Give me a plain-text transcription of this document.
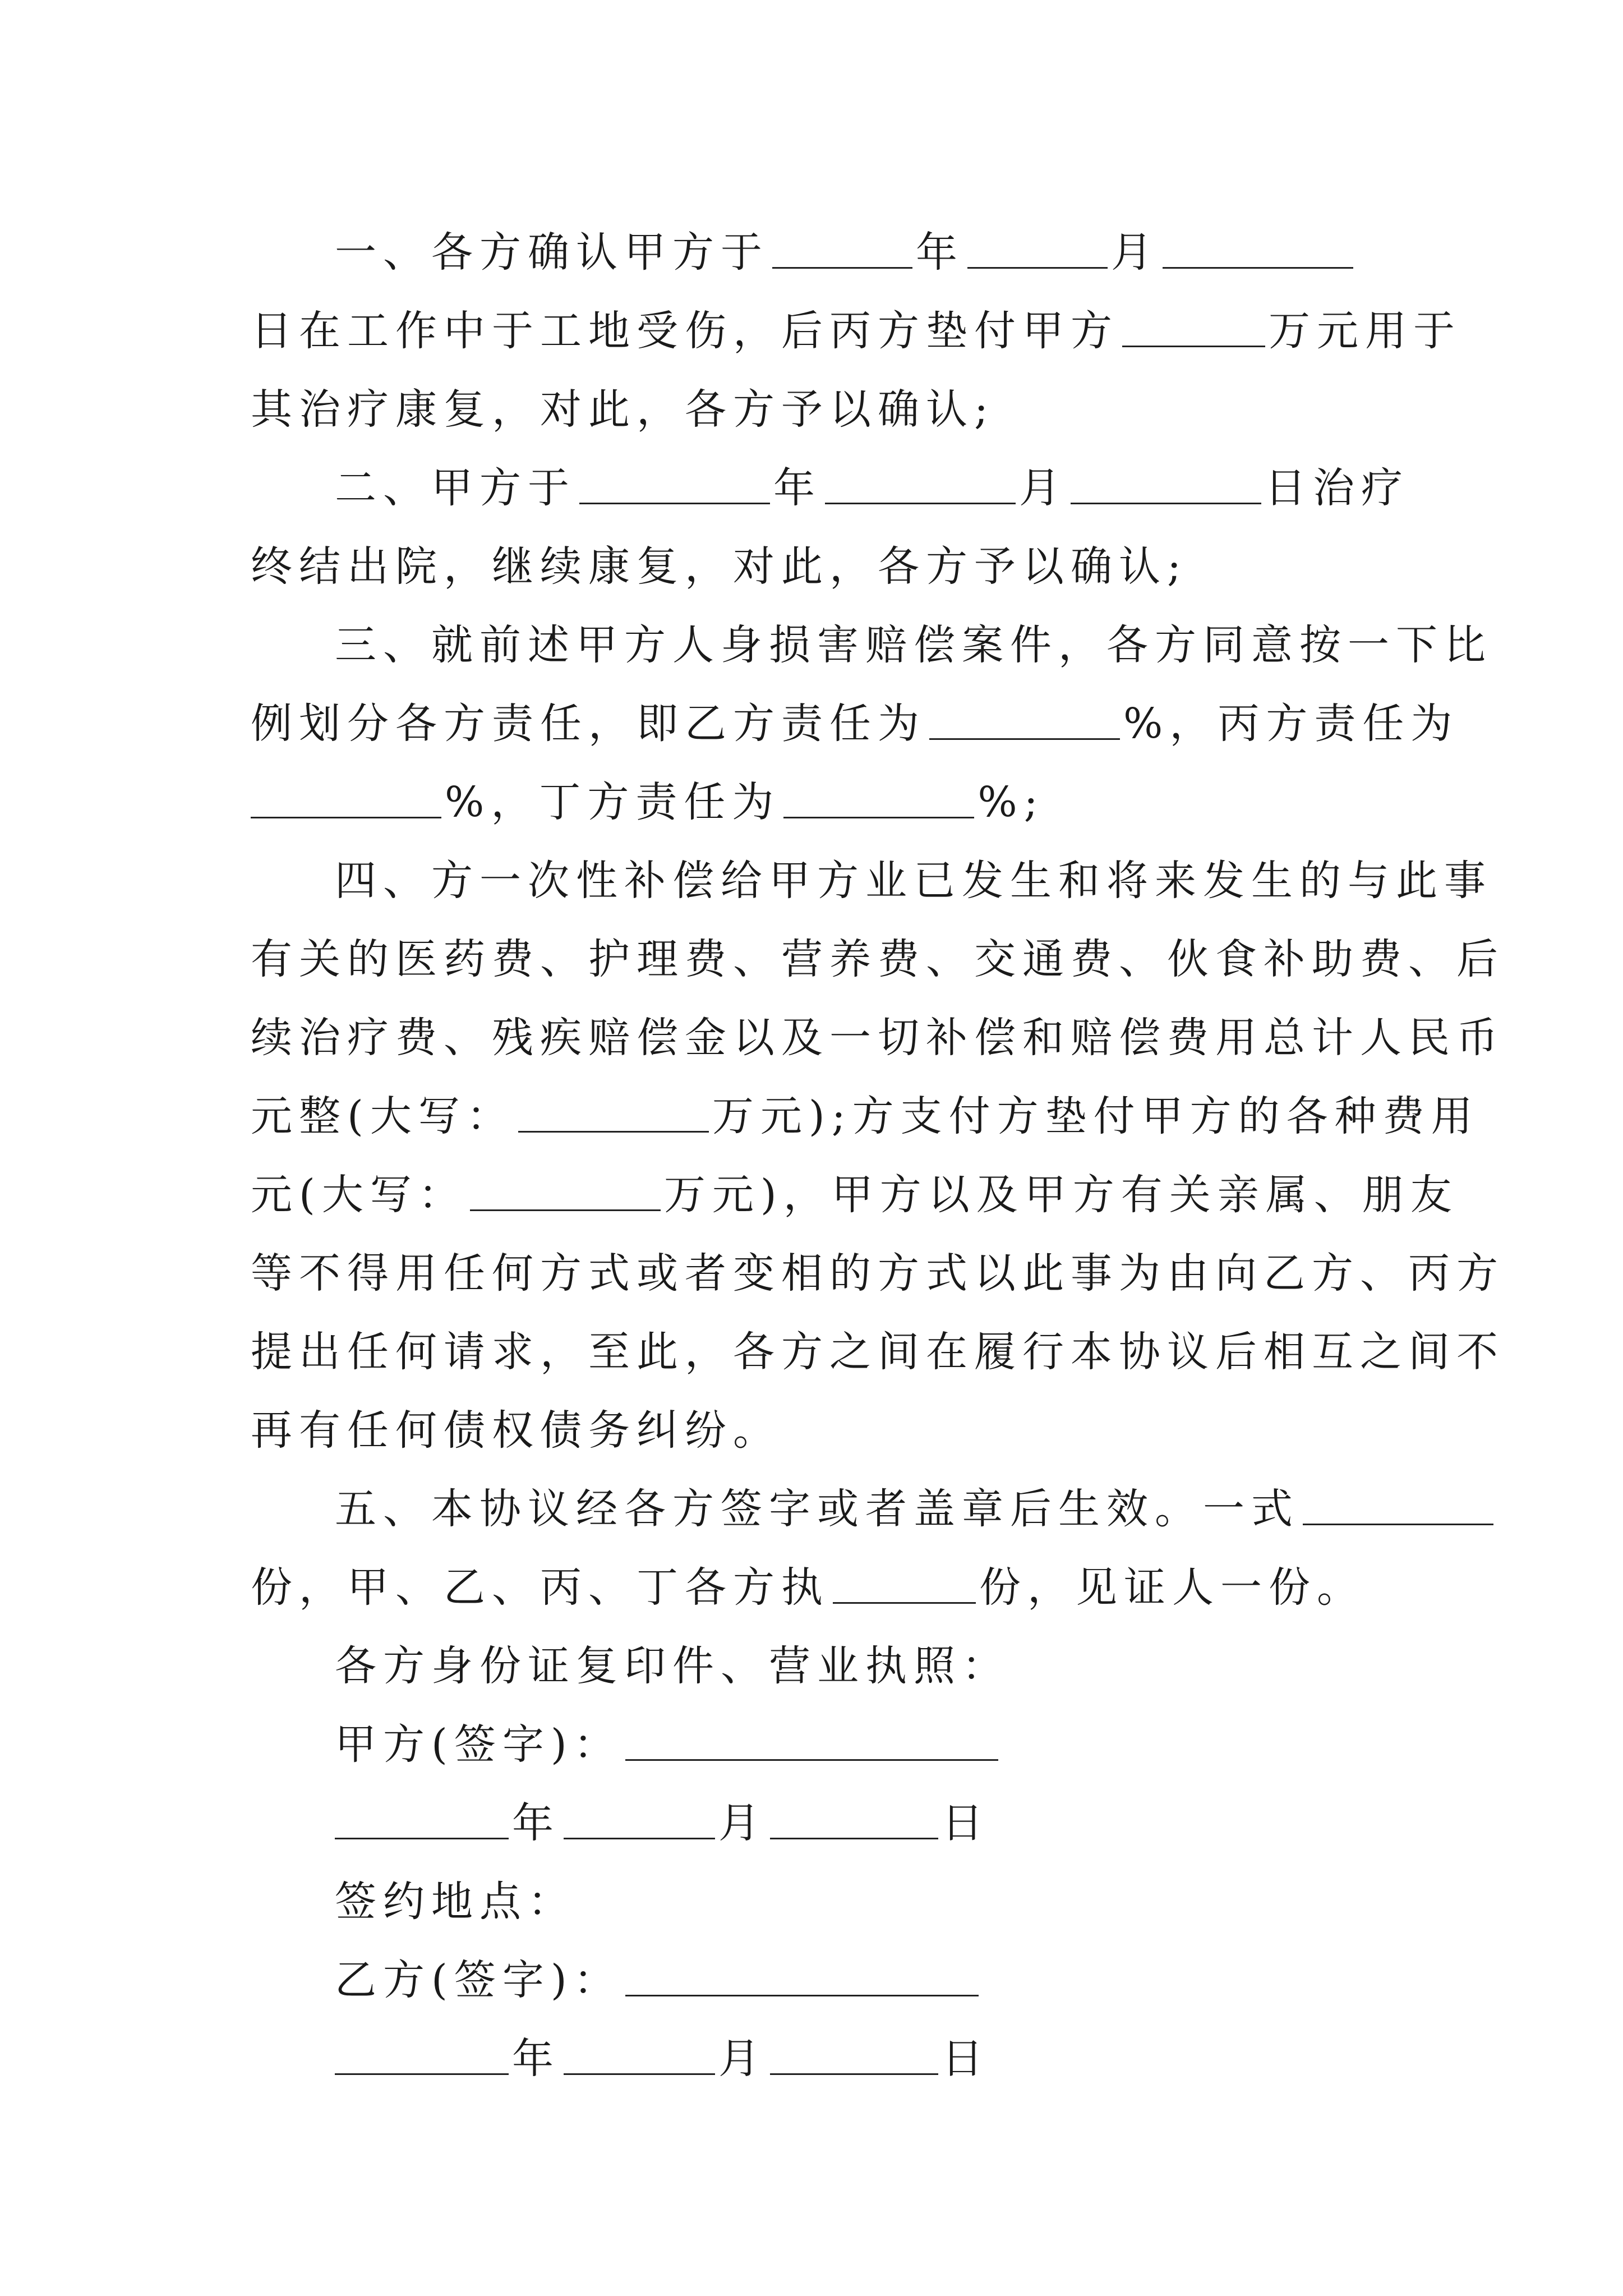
一、各方确认甲方于	年	月
日在工作中于工地受伤，后丙方垫付甲方	万元用于
其治疗康复，对此，各方予以确认;
二、甲方于	年	月	日治疗
终结出院，继续康复，对此，各方予以确认;
三、就前述甲方人身损害赔偿案件，各方同意按一下比
例划分各方责任，即乙方责任为	%，丙方责任为
%，丁方责任为	%;
四、方一次性补偿给甲方业已发生和将来发生的与此事
有关的医药费、护理费、营养费、交通费、伙食补助费、后
续治疗费、残疾赔偿金以及一切补偿和赔偿费用总计人民币
元整(大写：	万元);方支付方垫付甲方的各种费用
元(大写：	万元)，甲方以及甲方有关亲属、朋友
等不得用任何方式或者变相的方式以此事为由向乙方、丙方
提出任何请求，至此，各方之间在履行本协议后相互之间不
再有任何债权债务纠纷。
五、本协议经各方签字或者盖章后生效。一式
份，甲、乙、丙、丁各方执	份，见证人一份。
各方身份证复印件、营业执照：
甲方(签字)：
年	月	日
签约地点：
乙方(签字)：
年	月	日
